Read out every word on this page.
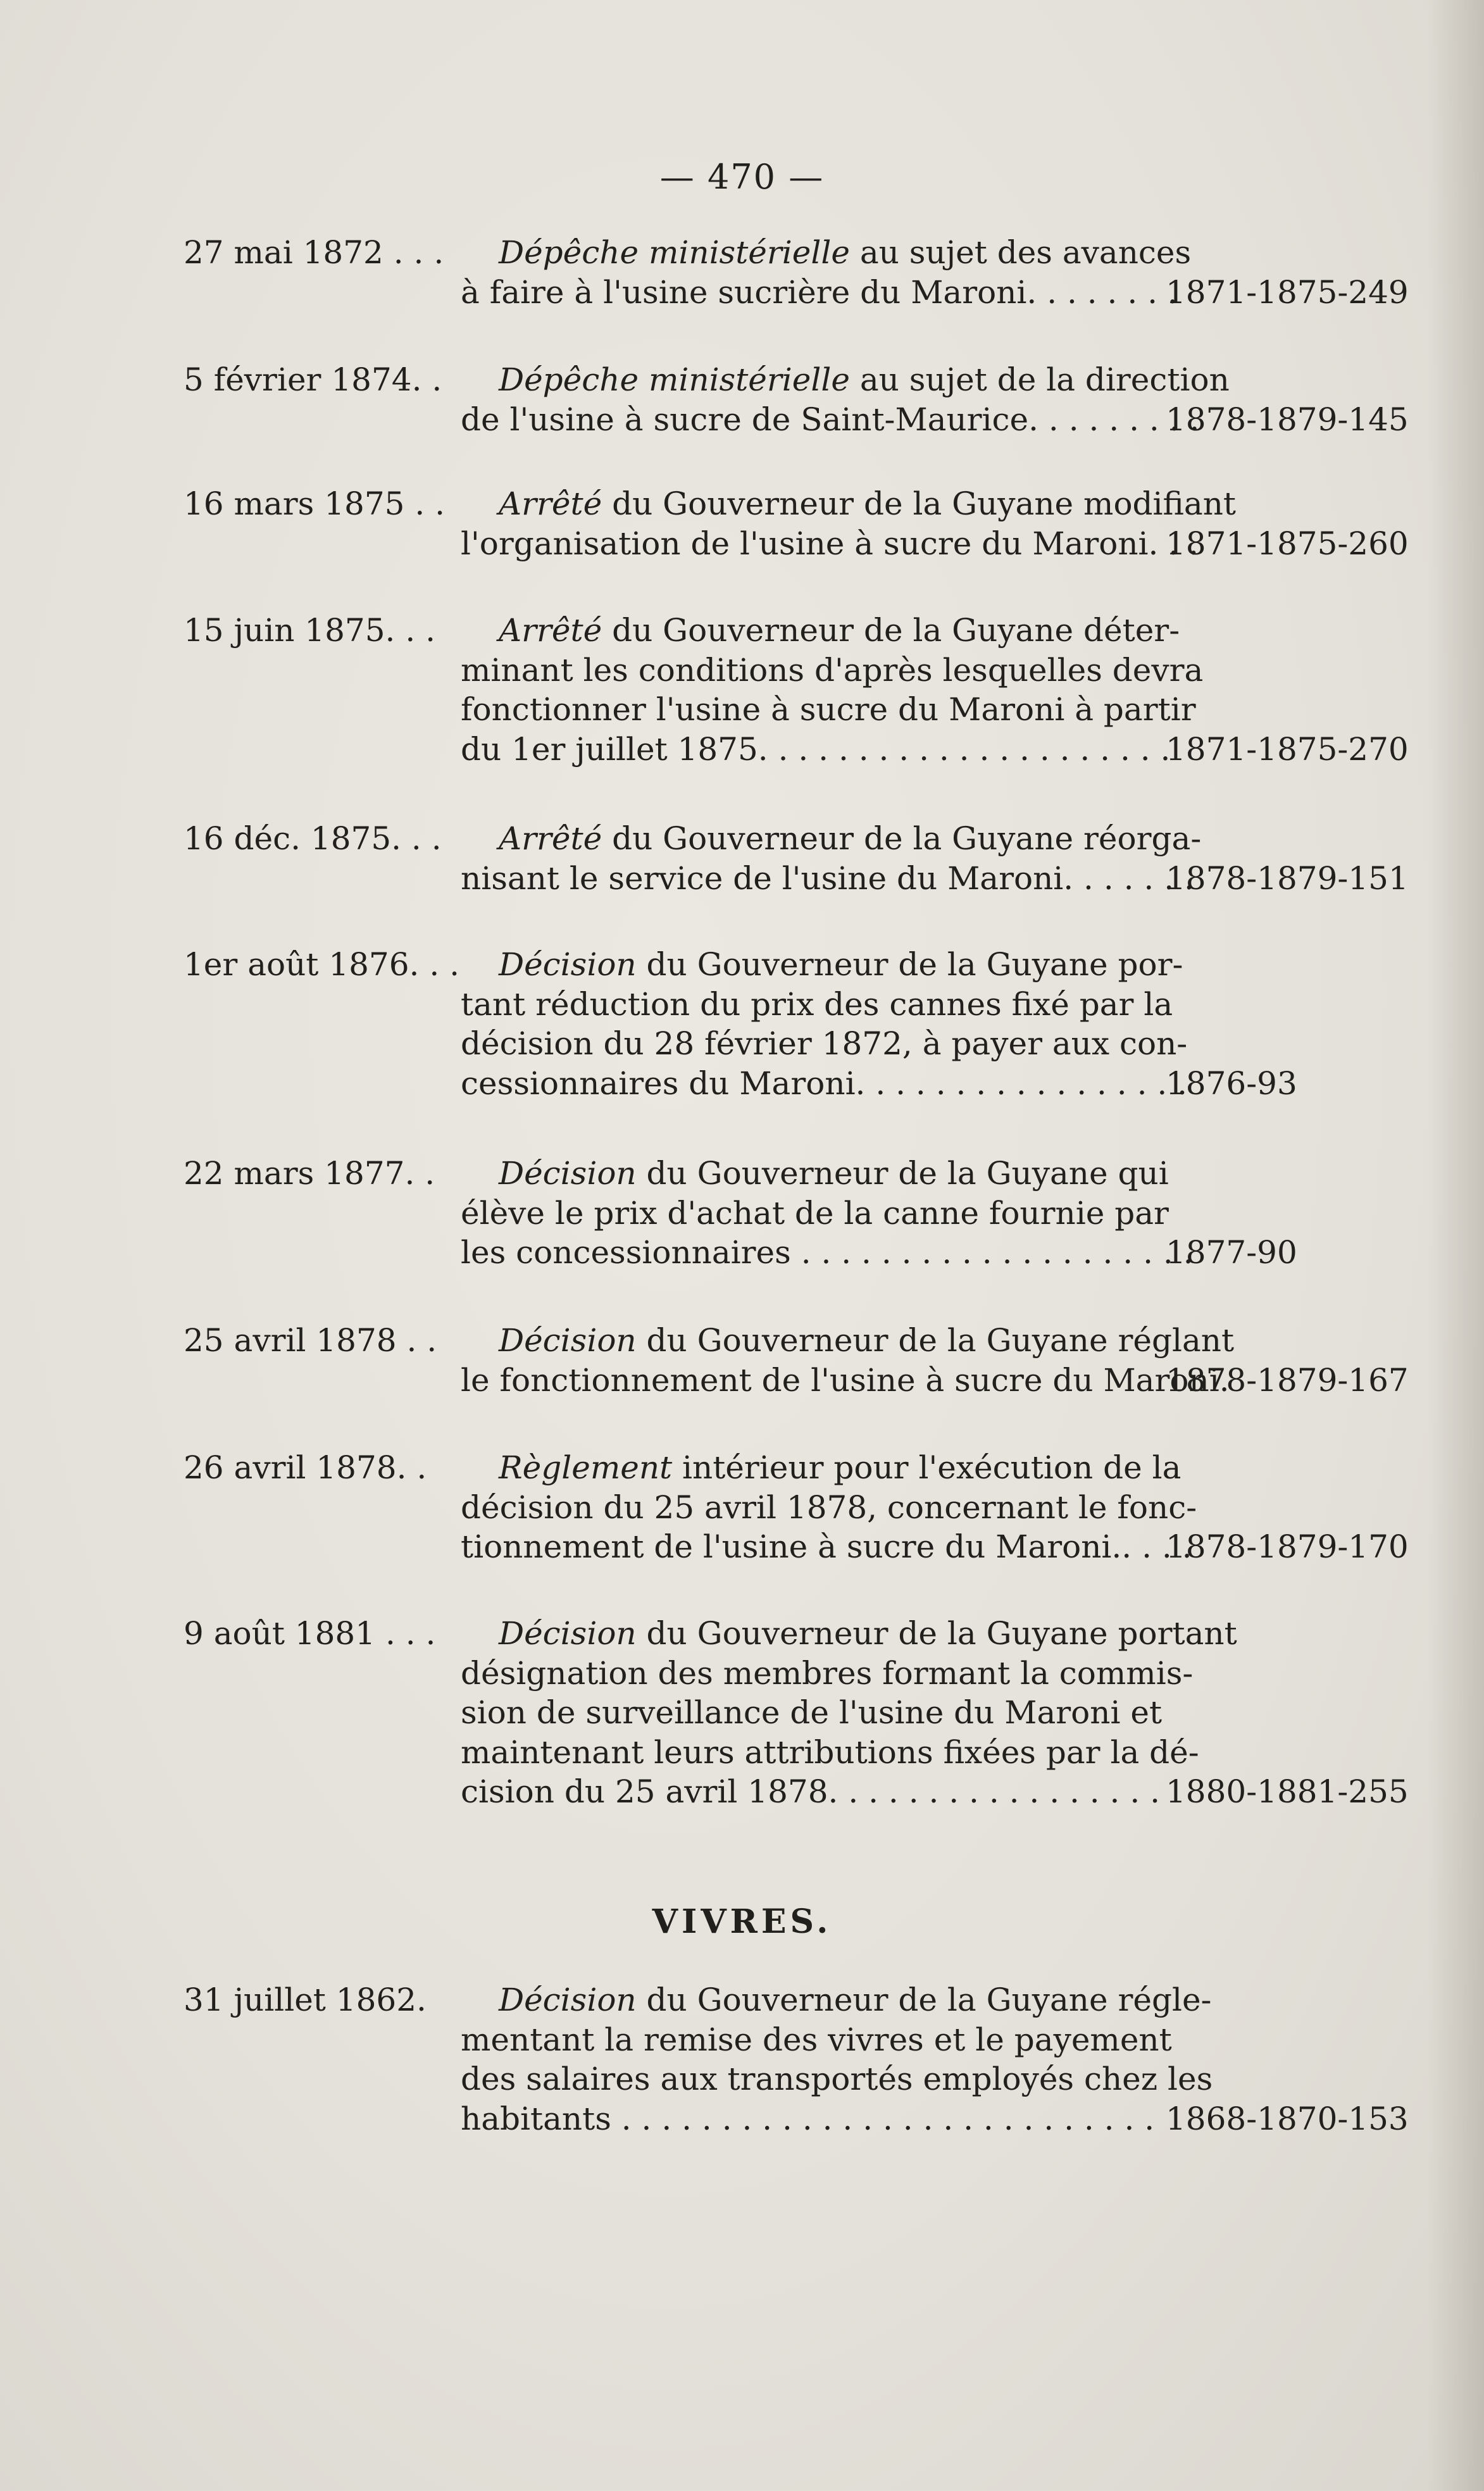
— 470 —
VIVRES.
27 mai 1872 . . .	Dépêche ministérielle au sujet des avances
à faire à l'usine sucrière du Maroni. . . . . . . .
1871-1875-249
5 février 1874. .	Dépêche ministérielle au sujet de la direction
de l'usine à sucre de Saint-Maurice. . . . . . . . .
1878-1879-145
16 mars 1875 . .	Arrêté du Gouverneur de la Guyane modifiant
l'organisation de l'usine à sucre du Maroni. . .
1871-1875-260
15 juin 1875. . .	Arrêté du Gouverneur de la Guyane déter-
minant les conditions d'après lesquelles devra
fonctionner l'usine à sucre du Maroni à partir
du 1er juillet 1875. . . . . . . . . . . . . . . . . . . . .
1871-1875-270
16 déc. 1875. . .	Arrêté du Gouverneur de la Guyane réorga-
nisant le service de l'usine du Maroni. . . . . . .
1878-1879-151
1er août 1876. . .	Décision du Gouverneur de la Guyane por-
tant réduction du prix des cannes fixé par la
décision du 28 février 1872, à payer aux con-
cessionnaires du Maroni. . . . . . . . . . . . . . . . .
1876-93
22 mars 1877. .	Décision du Gouverneur de la Guyane qui
élève le prix d'achat de la canne fournie par
les concessionnaires . . . . . . . . . . . . . . . . . . . .
1877-90
25 avril 1878 . .	Décision du Gouverneur de la Guyane réglant
le fonctionnement de l'usine à sucre du Maroni.
1878-1879-167
26 avril 1878. .	Règlement intérieur pour l'exécution de la
décision du 25 avril 1878, concernant le fonc-
tionnement de l'usine à sucre du Maroni.. . . .
1878-1879-170
9 août 1881 . . .	Décision du Gouverneur de la Guyane portant
désignation des membres formant la commis-
sion de surveillance de l'usine du Maroni et
maintenant leurs attributions fixées par la dé-
cision du 25 avril 1878. . . . . . . . . . . . . . . . . 1880-1881-255
31 juillet 1862.	Décision du Gouverneur de la Guyane régle-
mentant la remise des vivres et le payement
des salaires aux transportés employés chez les
habitants . . . . . . . . . . . . . . . . . . . . . . . . . . . 1868-1870-153
